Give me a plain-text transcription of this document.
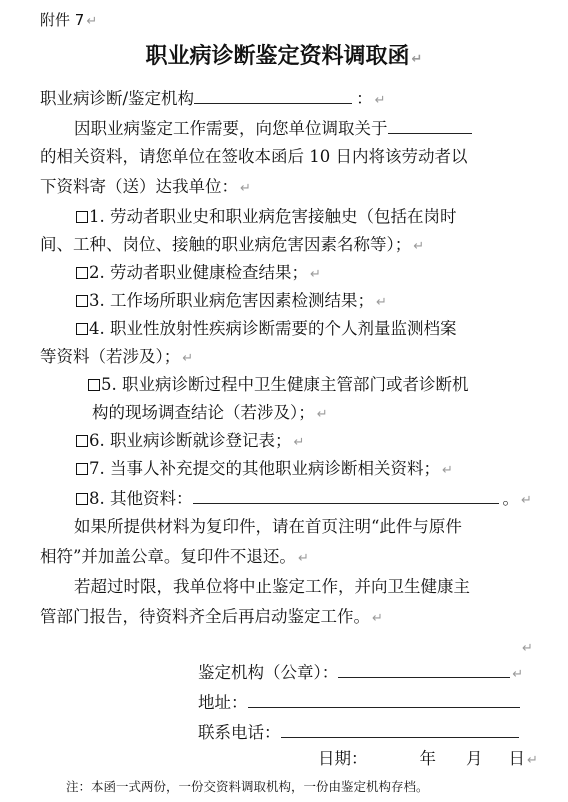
附件 7 ↵
职业病诊断鉴定资料调取函 ↵
职业病诊断/鉴定机构	： ↵
因职业病鉴定工作需要，向您单位调取关于
的相关资料，请您单位在签收本函后 10 日内将该劳动者以
下资料寄（送）达我单位： ↵
1. 劳动者职业史和职业病危害接触史（包括在岗时
间、工种、岗位、接触的职业病危害因素名称等）； ↵
2. 劳动者职业健康检查结果； ↵
3. 工作场所职业病危害因素检测结果； ↵
4. 职业性放射性疾病诊断需要的个人剂量监测档案
等资料（若涉及）； ↵
5. 职业病诊断过程中卫生健康主管部门或者诊断机
构的现场调查结论（若涉及）； ↵
6. 职业病诊断就诊登记表； ↵
7. 当事人补充提交的其他职业病诊断相关资料； ↵
8. 其他资料：	。 ↵
如果所提供材料为复印件，请在首页注明“此件与原件
相符”并加盖公章。复印件不退还。 ↵
若超过时限，我单位将中止鉴定工作，并向卫生健康主
管部门报告，待资料齐全后再启动鉴定工作。 ↵
↵
鉴定机构（公章）：	↵
地址：
联系电话：
日期：	年 月 日 ↵
注：本函一式两份，一份交资料调取机构，一份由鉴定机构存档。
